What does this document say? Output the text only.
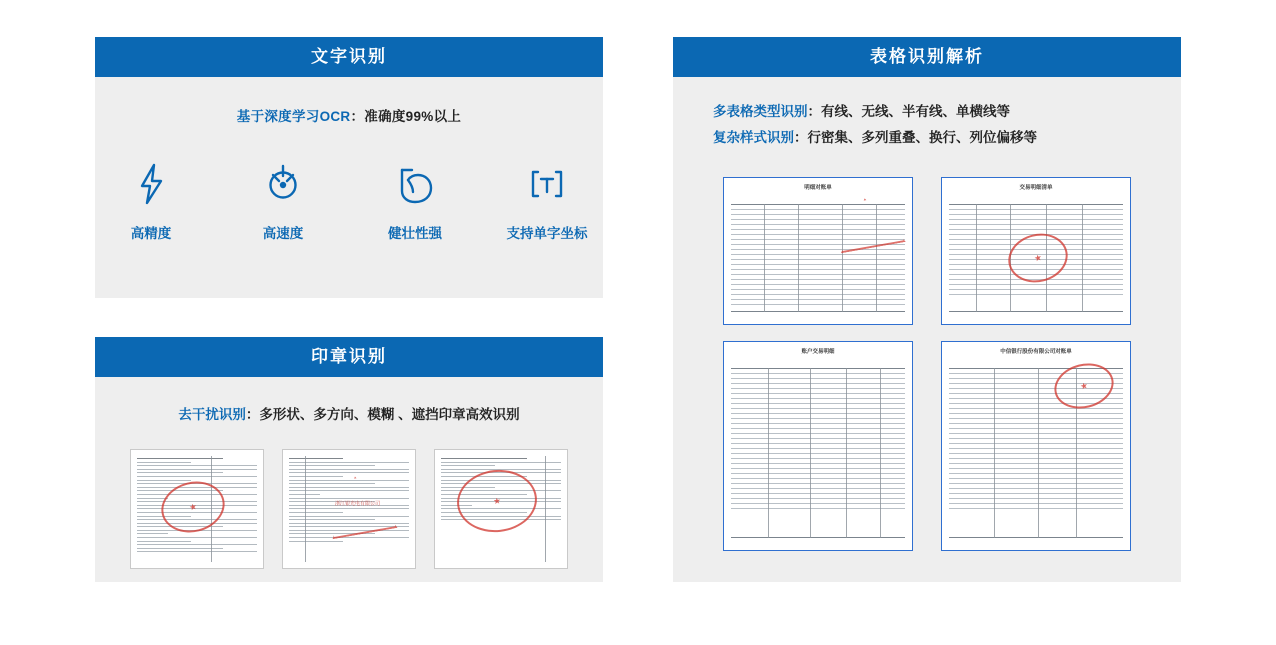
文字识别
基于深度学习OCR：准确度99%以上
高精度	高速度	健壮性强	支持单字坐标
印章识别
去干扰识别：多形状、多方向、模糊 、遮挡印章高效识别
浙江银光电有限公司
表格识别解析
多表格类型识别：有线、无线、半有线、单横线等
复杂样式识别：行密集、多列重叠、换行、列位偏移等
明细对账单	交易明细清单
账户交易明细	中信银行股份有限公司对账单
